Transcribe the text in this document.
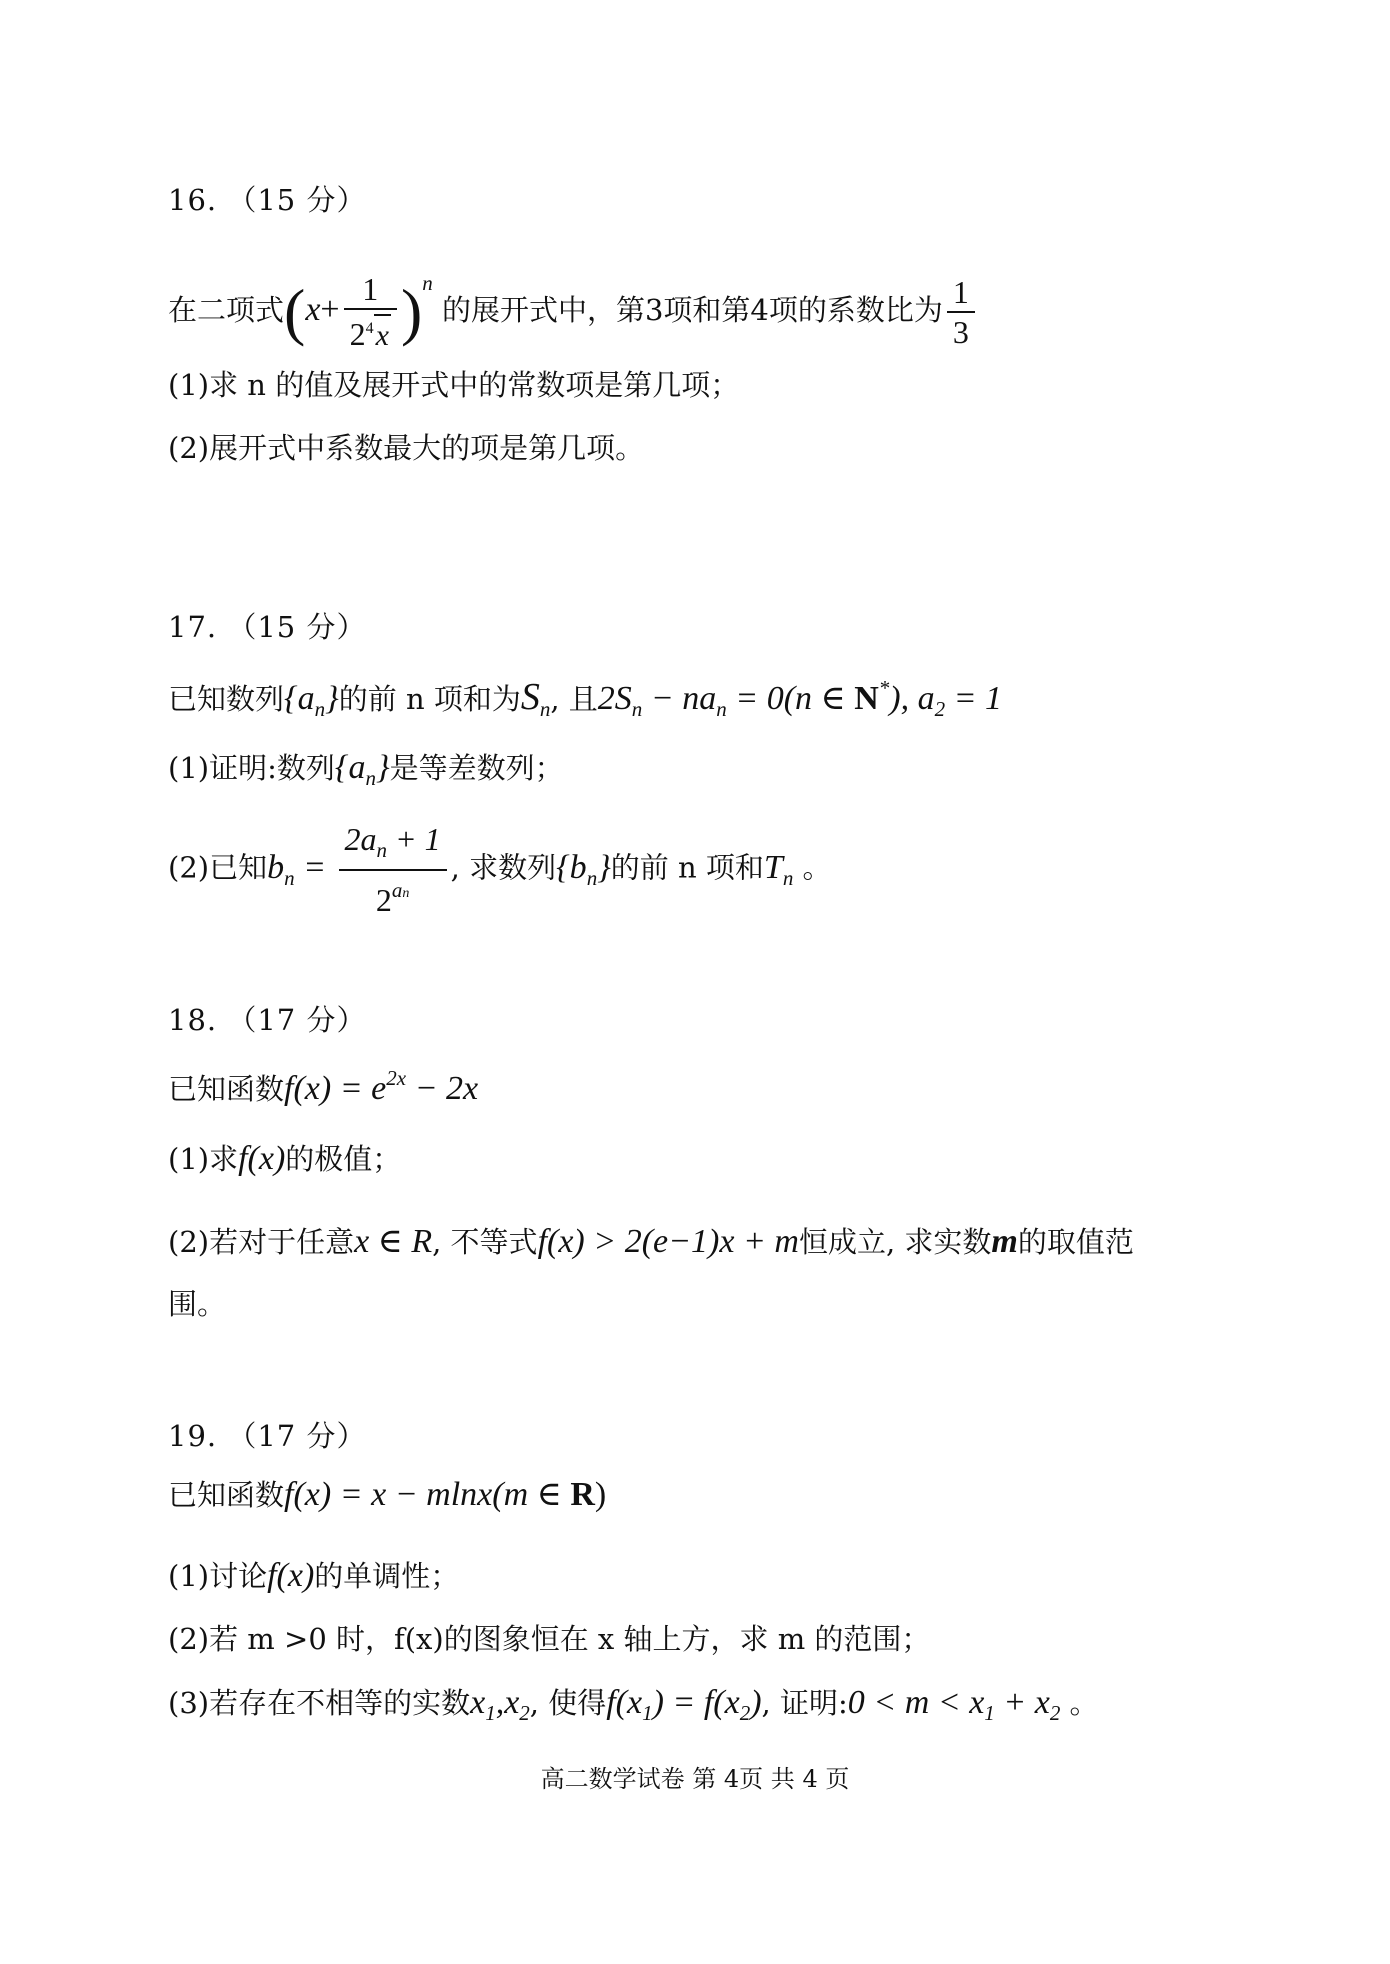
16. （15 分）
在二项式$(x+ \frac{1}{2^4x} )^n$ 的展开式中，第3项和第4项的系数比为 $\frac{1}{3}$
(1)求 n 的值及展开式中的常数项是第几项；
(2)展开式中系数最大的项是第几项。
17. （15 分）
已知数列$\{a_n\}$的前 n 项和为$S_n$, 且$2S_n - na_n = 0(n$ ∈ N*), $a_2 = 1$
(1)证明:数列$\{a_n\}$是等差数列；
(2)已知$b_n = \frac{2a_n + 1}{2^{an}}$ , 求数列$\{b_n\}$的前 n 项和$T_n$ 。
18. （17 分）
已知函数$f(x) = e^{2x} - 2x$
(1)求f(x)的极值；
(2)若对于任意x ∈ R, 不等式f(x) > 2(e−1)x + m恒成立, 求实数m的取值范
围。
19. （17 分）
已知函数f(x) = x − mlnx(m ∈ R)
(1)讨论f(x)的单调性；
(2)若 m >0 时，f(x)的图象恒在 x 轴上方，求 m 的范围；
(3)若存在不相等的实数$x_1,x_2$, 使得$f(x_1) = f(x_2)$, 证明:0 < $m < x_1 + x_2$ 。
高二数学试卷 第 4页 共 4 页
